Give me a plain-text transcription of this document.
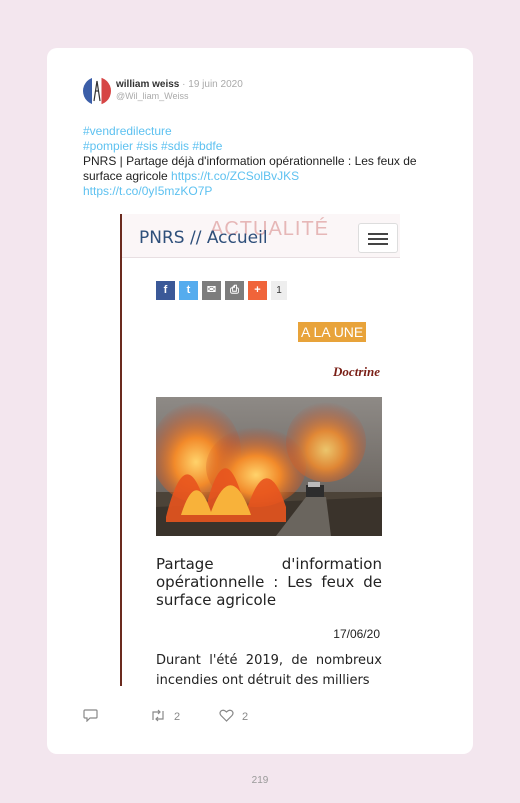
william weiss · 19 juin 2020
@Wil_liam_Weiss
#vendredilecture
#pompier #sis #sdis #bdfe
PNRS | Partage déjà d'information opérationnelle : Les feux de surface agricole https://t.co/ZCSolBvJKS
https://t.co/0yI5mzKO7P
ACTUALITÉ
PNRS // Accueil
f	t	✉	⎙	+	1
A LA UNE
Doctrine
Partage d'information opérationnelle : Les feux de surface agricole
17/06/20
Durant l'été 2019, de nombreux incendies ont détruit des milliers
2	2
219
